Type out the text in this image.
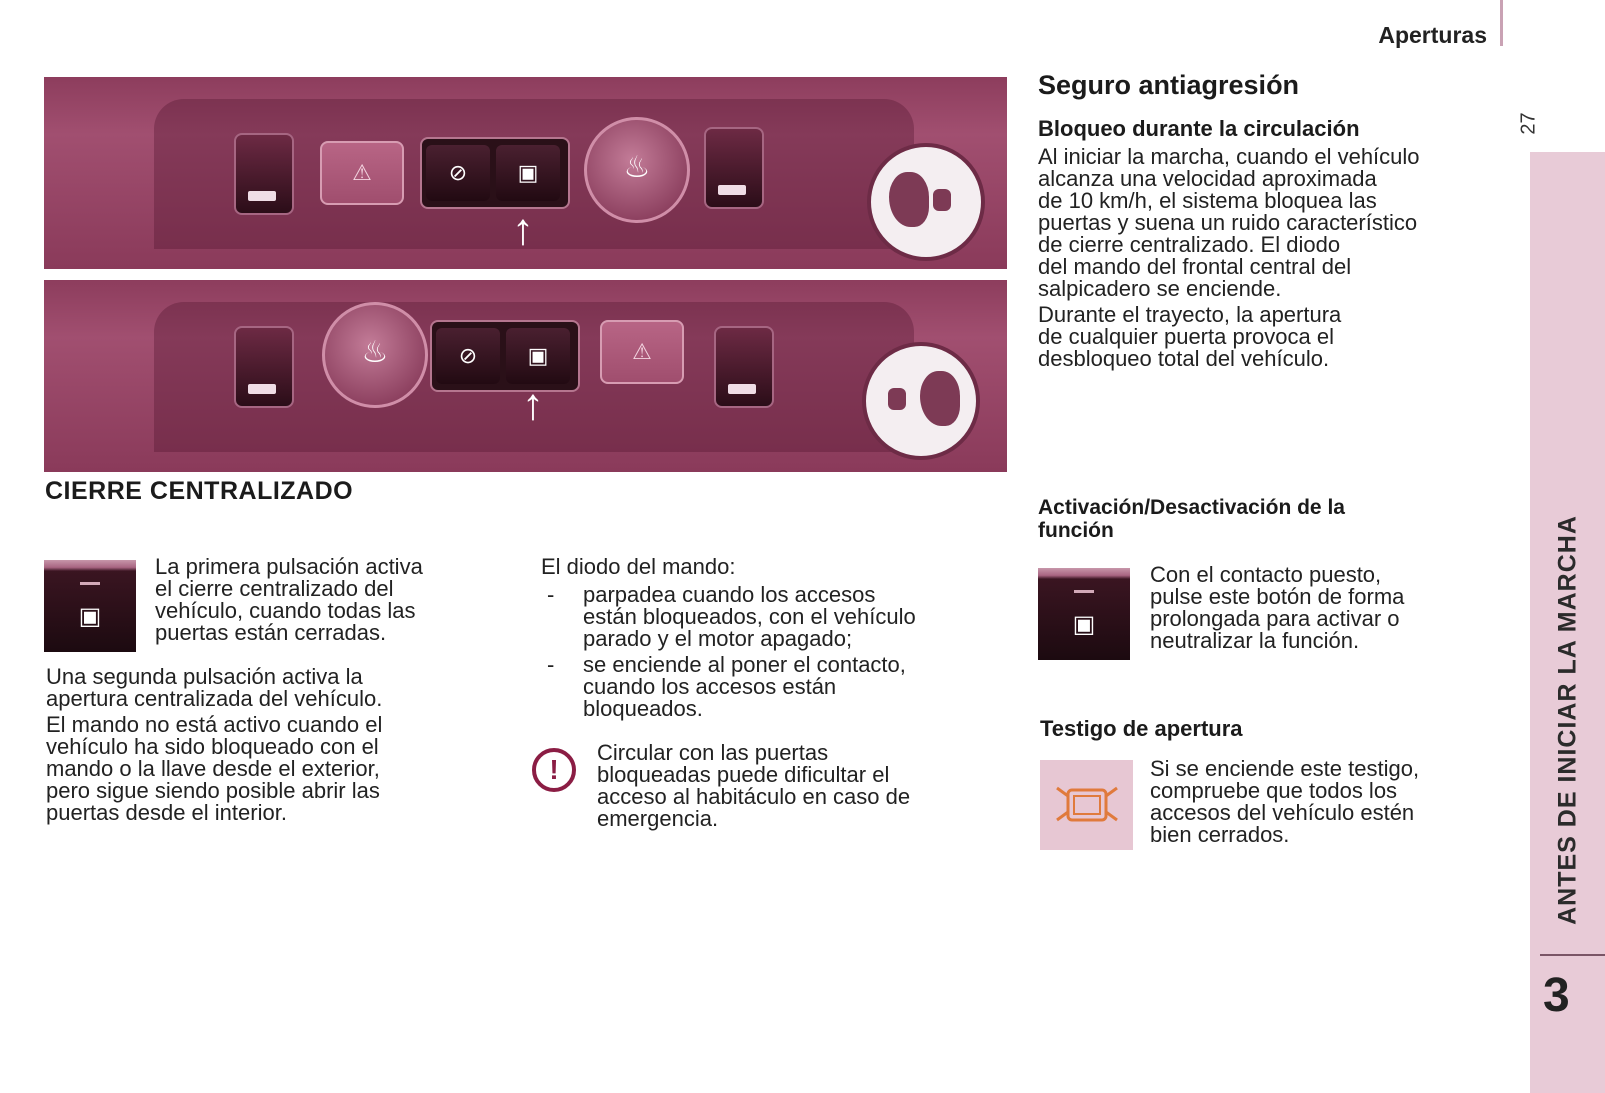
Aperturas
27
ANTES DE INICIAR LA MARCHA
3
⚠	⊘	▣	♨
↑
♨	⊘	▣	⚠
↑
CIERRE CENTRALIZADO
▣

La primera pulsación activa
el cierre centralizado del
vehículo, cuando todas las
puertas están cerradas.

Una segunda pulsación activa la
apertura centralizada del vehículo.

El mando no está activo cuando el
vehículo ha sido bloqueado con el
mando o la llave desde el exterior,
pero sigue siendo posible abrir las
puertas desde el interior.

El diodo del mando:

- parpadea cuando los accesos
están bloqueados, con el vehículo
parado y el motor apagado;
- se enciende al poner el contacto,
cuando los accesos están
bloqueados.
!

Circular con las puertas
bloqueadas puede dificultar el
acceso al habitáculo en caso de
emergencia.

Seguro antiagresión
Bloqueo durante la circulación

Al iniciar la marcha, cuando el vehículo
alcanza una velocidad aproximada
de 10 km/h, el sistema bloquea las
puertas y suena un ruido característico
de cierre centralizado. El diodo
del mando del frontal central del
salpicadero se enciende.

Durante el trayecto, la apertura
de cualquier puerta provoca el
desbloqueo total del vehículo.

Activación/Desactivación de la
función
▣

Con el contacto puesto,
pulse este botón de forma
prolongada para activar o
neutralizar la función.

Testigo de apertura

Si se enciende este testigo,
compruebe que todos los
accesos del vehículo estén
bien cerrados.
